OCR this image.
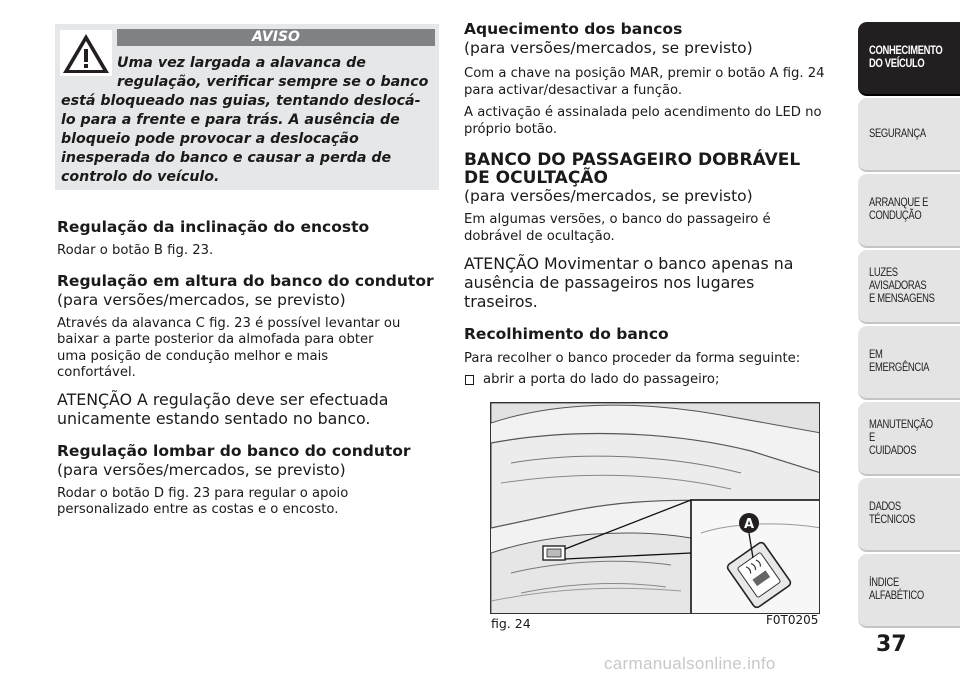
AVISO
Uma vez largada a alavanca de regulação, verificar sempre se o banco está bloqueado nas guias, tentando deslocá-lo para a frente e para trás. A ausência de bloqueio pode provocar a deslocação inesperada do banco e causar a perda de controlo do veículo.
Regulação da inclinação do encosto
Rodar o botão B fig. 23.
Regulação em altura do banco do condutor
(para versões/mercados, se previsto)
Através da alavanca C fig. 23 é possível levantar ou baixar a parte posterior da almofada para obter uma posição de condução melhor e mais confortável.
ATENÇÃO A regulação deve ser efectuada unicamente estando sentado no banco.
Regulação lombar do banco do condutor
(para versões/mercados, se previsto)
Rodar o botão D fig. 23 para regular o apoio personalizado entre as costas e o encosto.
Aquecimento dos bancos
(para versões/mercados, se previsto)
Com a chave na posição MAR, premir o botão A fig. 24 para activar/desactivar a função.
A activação é assinalada pelo acendimento do LED no próprio botão.
BANCO DO PASSAGEIRO DOBRÁVEL DE OCULTAÇÃO
(para versões/mercados, se previsto)
Em algumas versões, o banco do passageiro é dobrável de ocultação.
ATENÇÃO Movimentar o banco apenas na ausência de passageiros nos lugares traseiros.
Recolhimento do banco
Para recolher o banco proceder da forma seguinte:
abrir a porta do lado do passageiro;
A
fig. 24	F0T0205
CONHECIMENTO
DO VEÍCULO
SEGURANÇA
ARRANQUE E
CONDUÇÃO
LUZES AVISADORAS
E MENSAGENS
EM EMERGÊNCIA
MANUTENÇÃO E
CUIDADOS
DADOS TÉCNICOS
ÍNDICE ALFABÉTICO
37
carmanualsonline.info
